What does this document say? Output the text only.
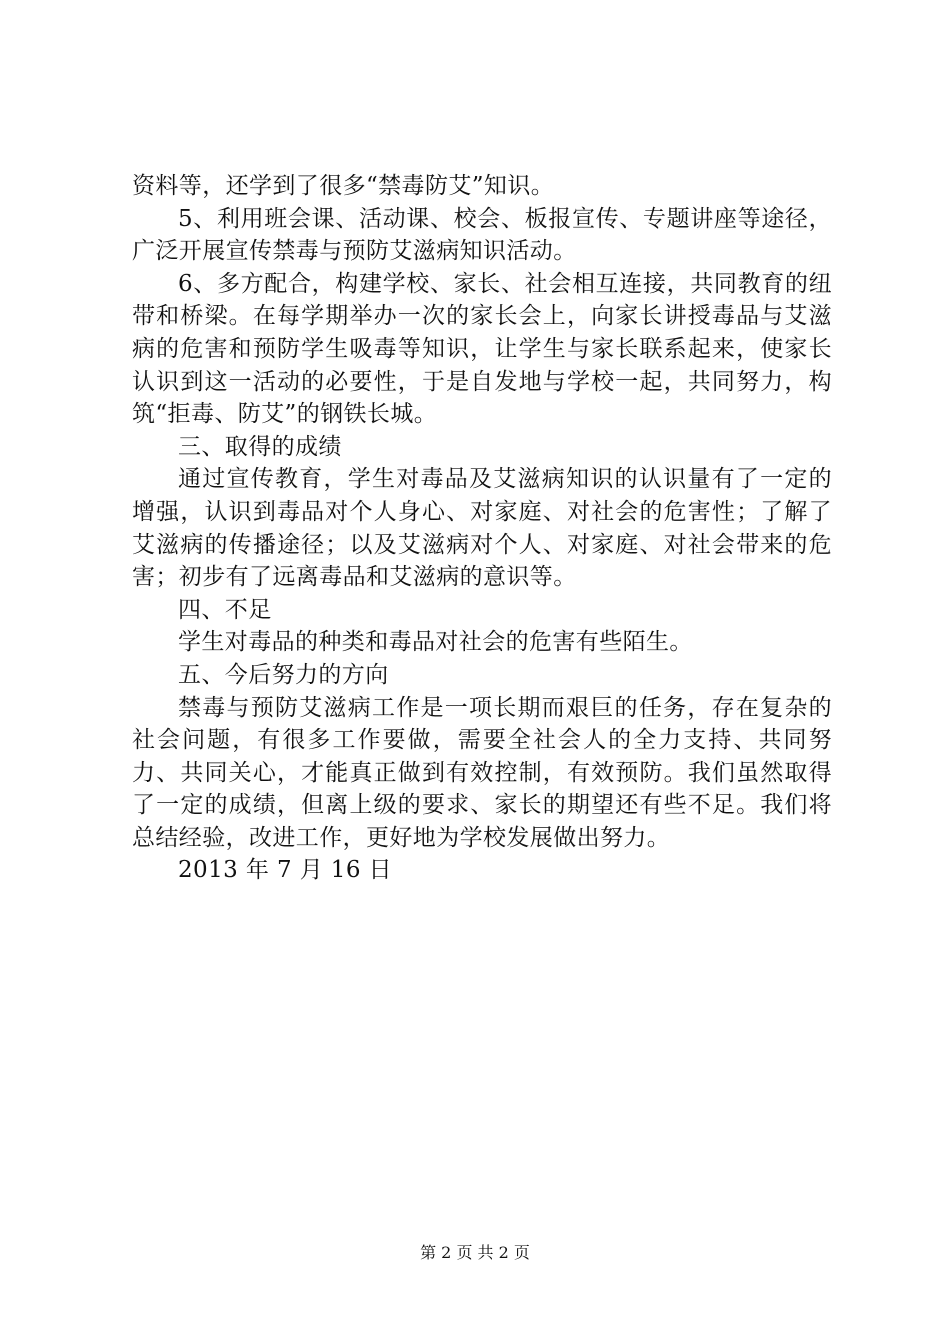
资料等，还学到了很多“禁毒防艾”知识。

5、利用班会课、活动课、校会、板报宣传、专题讲座等途径，广泛开展宣传禁毒与预防艾滋病知识活动。

6、多方配合，构建学校、家长、社会相互连接，共同教育的纽带和桥梁。在每学期举办一次的家长会上，向家长讲授毒品与艾滋病的危害和预防学生吸毒等知识，让学生与家长联系起来，使家长认识到这一活动的必要性，于是自发地与学校一起，共同努力，构筑“拒毒、防艾”的钢铁长城。

三、取得的成绩

通过宣传教育，学生对毒品及艾滋病知识的认识量有了一定的增强，认识到毒品对个人身心、对家庭、对社会的危害性；了解了艾滋病的传播途径；以及艾滋病对个人、对家庭、对社会带来的危害；初步有了远离毒品和艾滋病的意识等。

四、不足

学生对毒品的种类和毒品对社会的危害有些陌生。

五、今后努力的方向

禁毒与预防艾滋病工作是一项长期而艰巨的任务，存在复杂的社会问题，有很多工作要做，需要全社会人的全力支持、共同努力、共同关心，才能真正做到有效控制，有效预防。我们虽然取得了一定的成绩，但离上级的要求、家长的期望还有些不足。我们将总结经验，改进工作，更好地为学校发展做出努力。

2013 年 7 月 16 日

第 2 页 共 2 页
